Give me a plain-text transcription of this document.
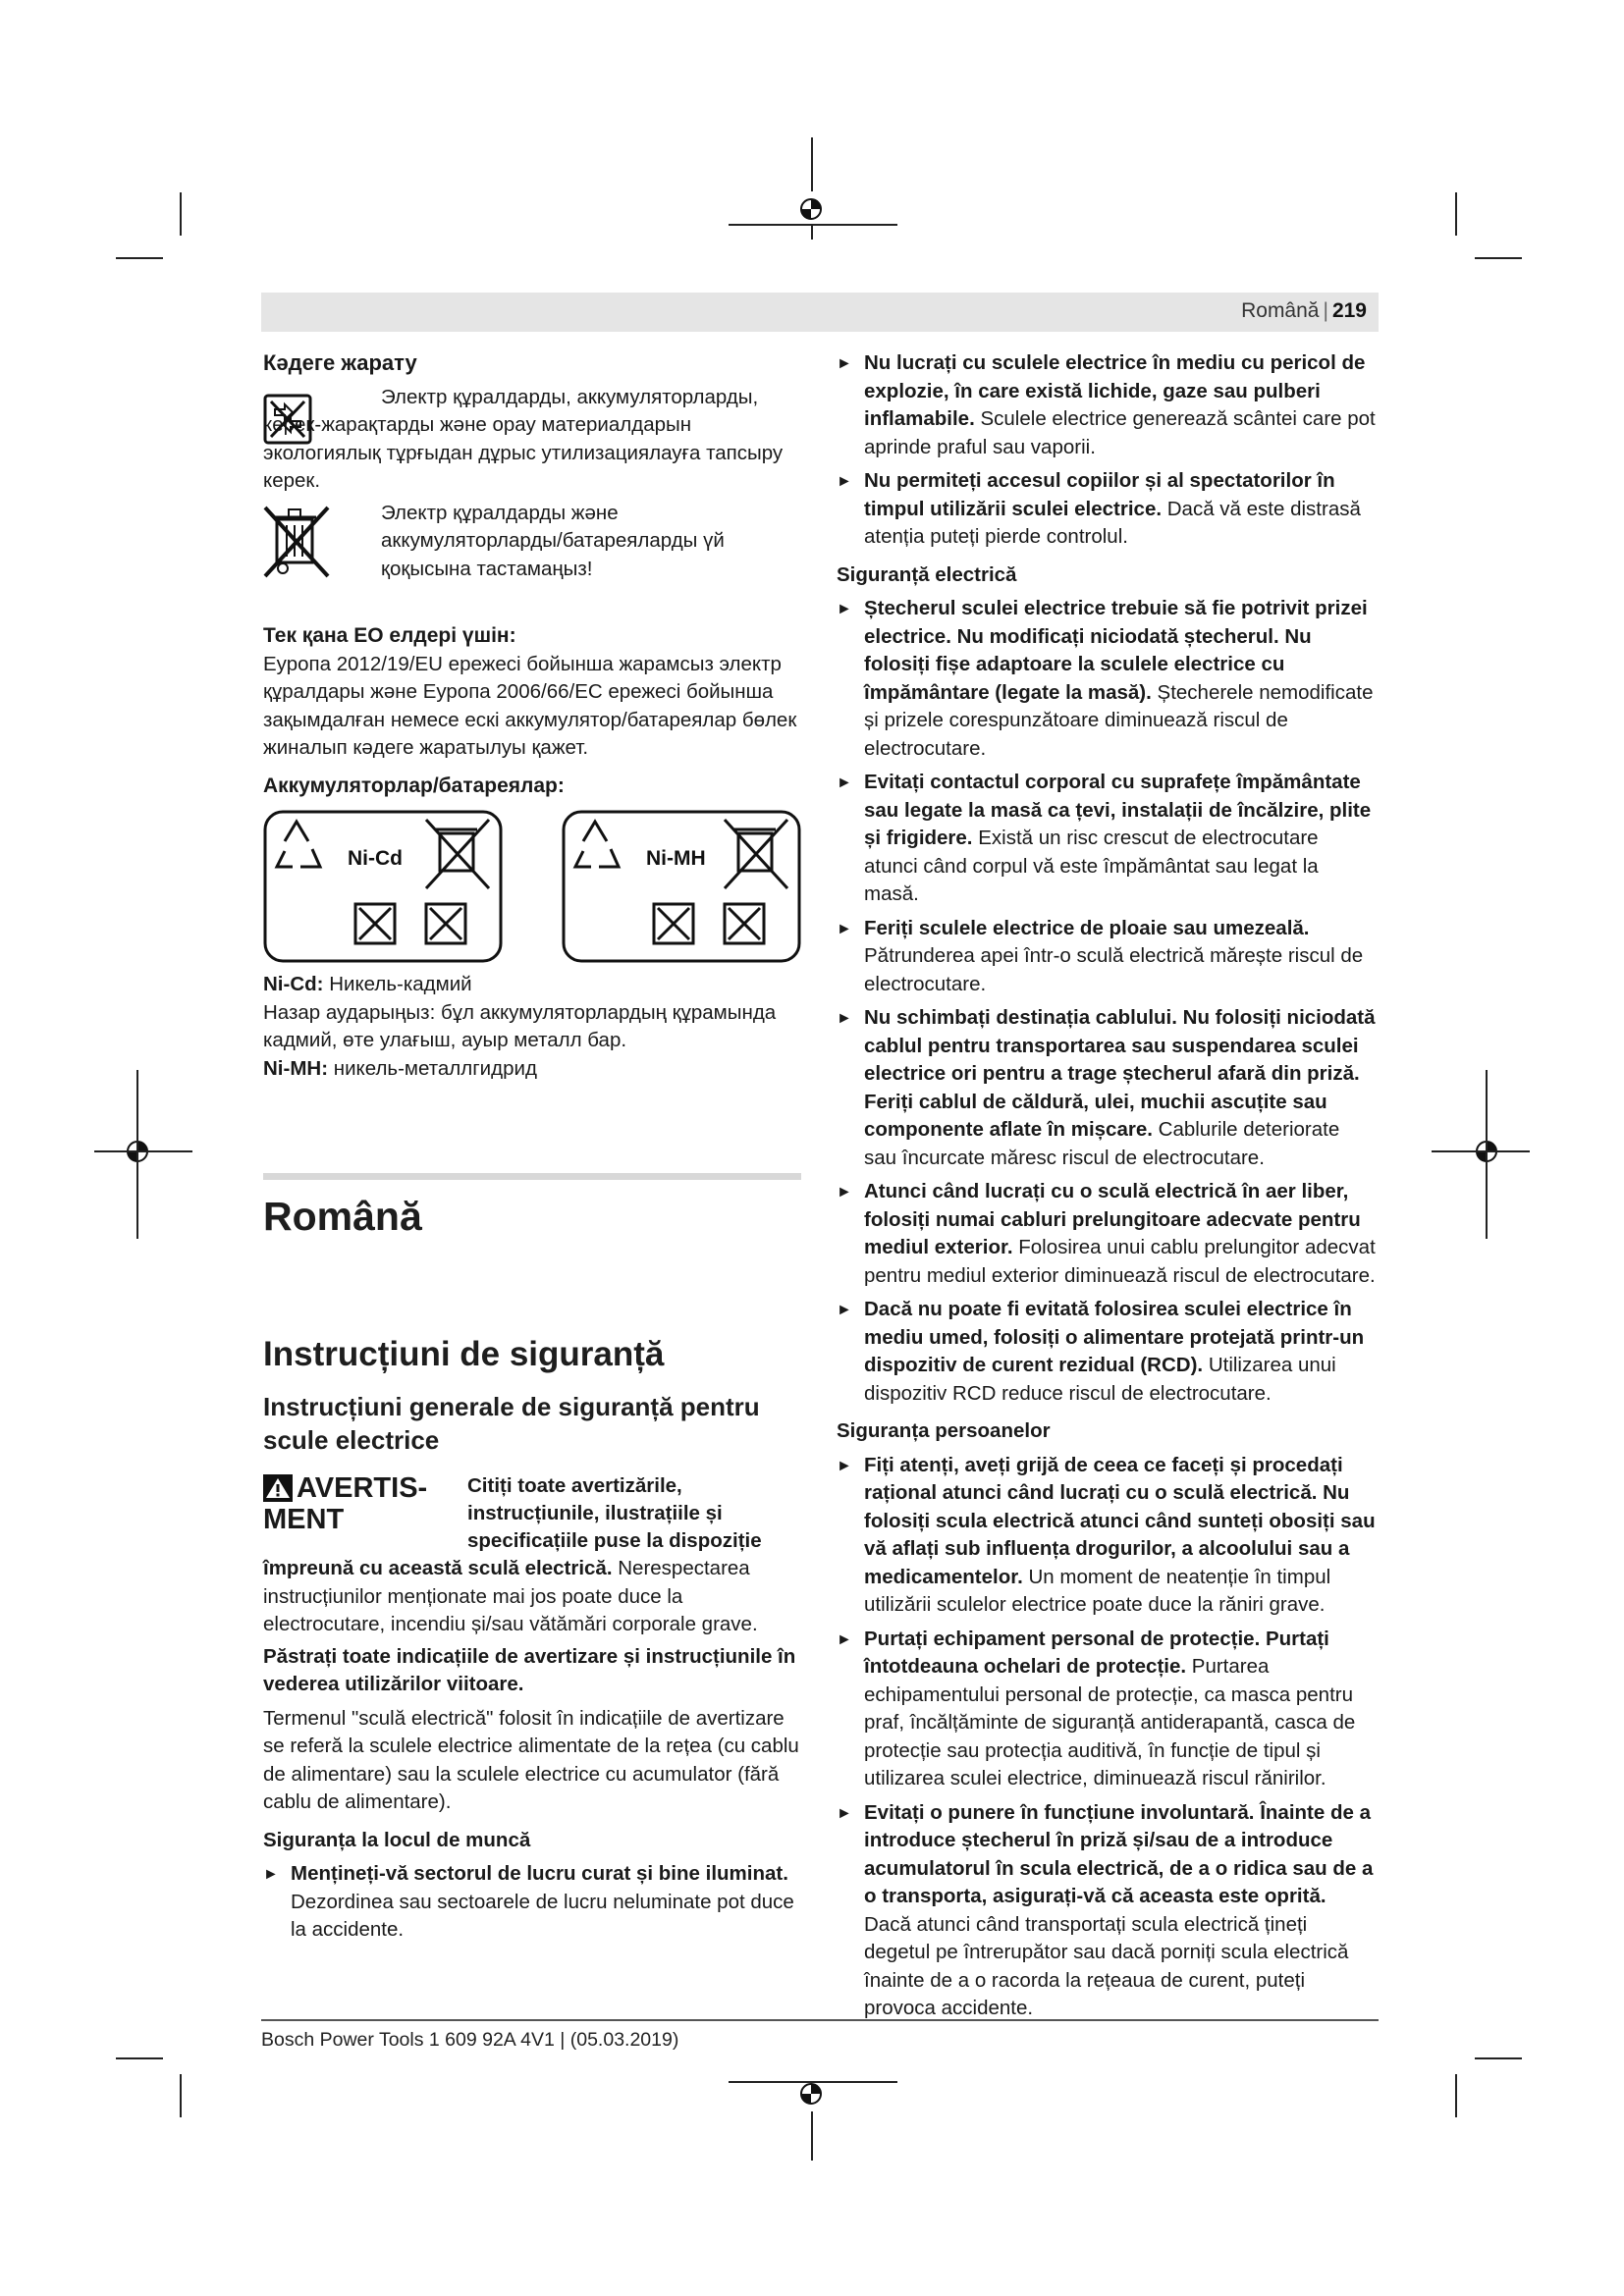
Română | 219
Кәдеге жарату

Электр құралдарды, аккумуляторларды, керек-жарақтарды және орау материалдарын экологиялық тұрғыдан дұрыс утилизациялауға тапсыру керек.

Электр құралдарды және аккумуляторларды/батареяларды үй қоқысына тастамаңыз!

Тек қана ЕО елдері үшін:

Еуропа 2012/19/EU ережесі бойынша жарамсыз электр құралдары және Еуропа 2006/66/EC ережесі бойынша зақымдалған немесе ескі аккумулятор/батареялар бөлек жиналып кәдеге жаратылуы қажет.

Аккумуляторлар/батареялар:
Ni-Cd	Ni-MH

Ni-Cd: Никель-кадмий

Назар аударыңыз: бұл аккумуляторлардың құрамында кадмий, өте улағыш, ауыр металл бар.

Ni-MH: никель-металлгидрид

Română
Instrucțiuni de siguranță
Instrucțiuni generale de siguranță pentru scule electrice
AVERTIS-
MENT
Citiți toate avertizările, instrucțiunile, ilustrațiile și specificațiile puse la dispoziție

împreună cu această sculă electrică. Nerespectarea instrucțiunilor menționate mai jos poate duce la electrocutare, incendiu și/sau vătămări corporale grave.

Păstrați toate indicațiile de avertizare și instrucțiunile în vederea utilizărilor viitoare.

Termenul "sculă electrică" folosit în indicațiile de avertizare se referă la sculele electrice alimentate de la rețea (cu cablu de alimentare) sau la sculele electrice cu acumulator (fără cablu de alimentare).

Siguranța la locul de muncă
► Mențineți-vă sectorul de lucru curat și bine iluminat. Dezordinea sau sectoarele de lucru neluminate pot duce la accidente.

► Nu lucrați cu sculele electrice în mediu cu pericol de explozie, în care există lichide, gaze sau pulberi inflamabile. Sculele electrice generează scântei care pot aprinde praful sau vaporii.

► Nu permiteți accesul copiilor și al spectatorilor în timpul utilizării sculei electrice. Dacă vă este distrasă atenția puteți pierde controlul.

Siguranță electrică
► Ștecherul sculei electrice trebuie să fie potrivit prizei electrice. Nu modificați niciodată ștecherul. Nu folosiți fișe adaptoare la sculele electrice cu împământare (legate la masă). Ștecherele nemodificate și prizele corespunzătoare diminuează riscul de electrocutare.

► Evitați contactul corporal cu suprafețe împământate sau legate la masă ca țevi, instalații de încălzire, plite și frigidere. Există un risc crescut de electrocutare atunci când corpul vă este împământat sau legat la masă.

► Feriți sculele electrice de ploaie sau umezeală. Pătrunderea apei într-o sculă electrică mărește riscul de electrocutare.

► Nu schimbați destinația cablului. Nu folosiți niciodată cablul pentru transportarea sau suspendarea sculei electrice ori pentru a trage ștecherul afară din priză. Feriți cablul de căldură, ulei, muchii ascuțite sau componente aflate în mișcare. Cablurile deteriorate sau încurcate măresc riscul de electrocutare.

► Atunci când lucrați cu o sculă electrică în aer liber, folosiți numai cabluri prelungitoare adecvate pentru mediul exterior. Folosirea unui cablu prelungitor adecvat pentru mediul exterior diminuează riscul de electrocutare.

► Dacă nu poate fi evitată folosirea sculei electrice în mediu umed, folosiți o alimentare protejată printr-un dispozitiv de curent rezidual (RCD). Utilizarea unui dispozitiv RCD reduce riscul de electrocutare.

Siguranța persoanelor
► Fiți atenți, aveți grijă de ceea ce faceți și procedați rațional atunci când lucrați cu o sculă electrică. Nu folosiți scula electrică atunci când sunteți obosiți sau vă aflați sub influența drogurilor, a alcoolului sau a medicamentelor. Un moment de neatenție în timpul utilizării sculelor electrice poate duce la răniri grave.

► Purtați echipament personal de protecție. Purtați întotdeauna ochelari de protecție. Purtarea echipamentului personal de protecție, ca masca pentru praf, încălțăminte de siguranță antiderapantă, casca de protecție sau protecția auditivă, în funcție de tipul și utilizarea sculei electrice, diminuează riscul rănirilor.

► Evitați o punere în funcțiune involuntară. Înainte de a introduce ștecherul în priză și/sau de a introduce acumulatorul în scula electrică, de a o ridica sau de a o transporta, asigurați-vă că aceasta este oprită. Dacă atunci când transportați scula electrică țineți degetul pe întrerupător sau dacă porniți scula electrică înainte de a o racorda la rețeaua de curent, puteți provoca accidente.

Bosch Power Tools 1 609 92A 4V1 | (05.03.2019)
